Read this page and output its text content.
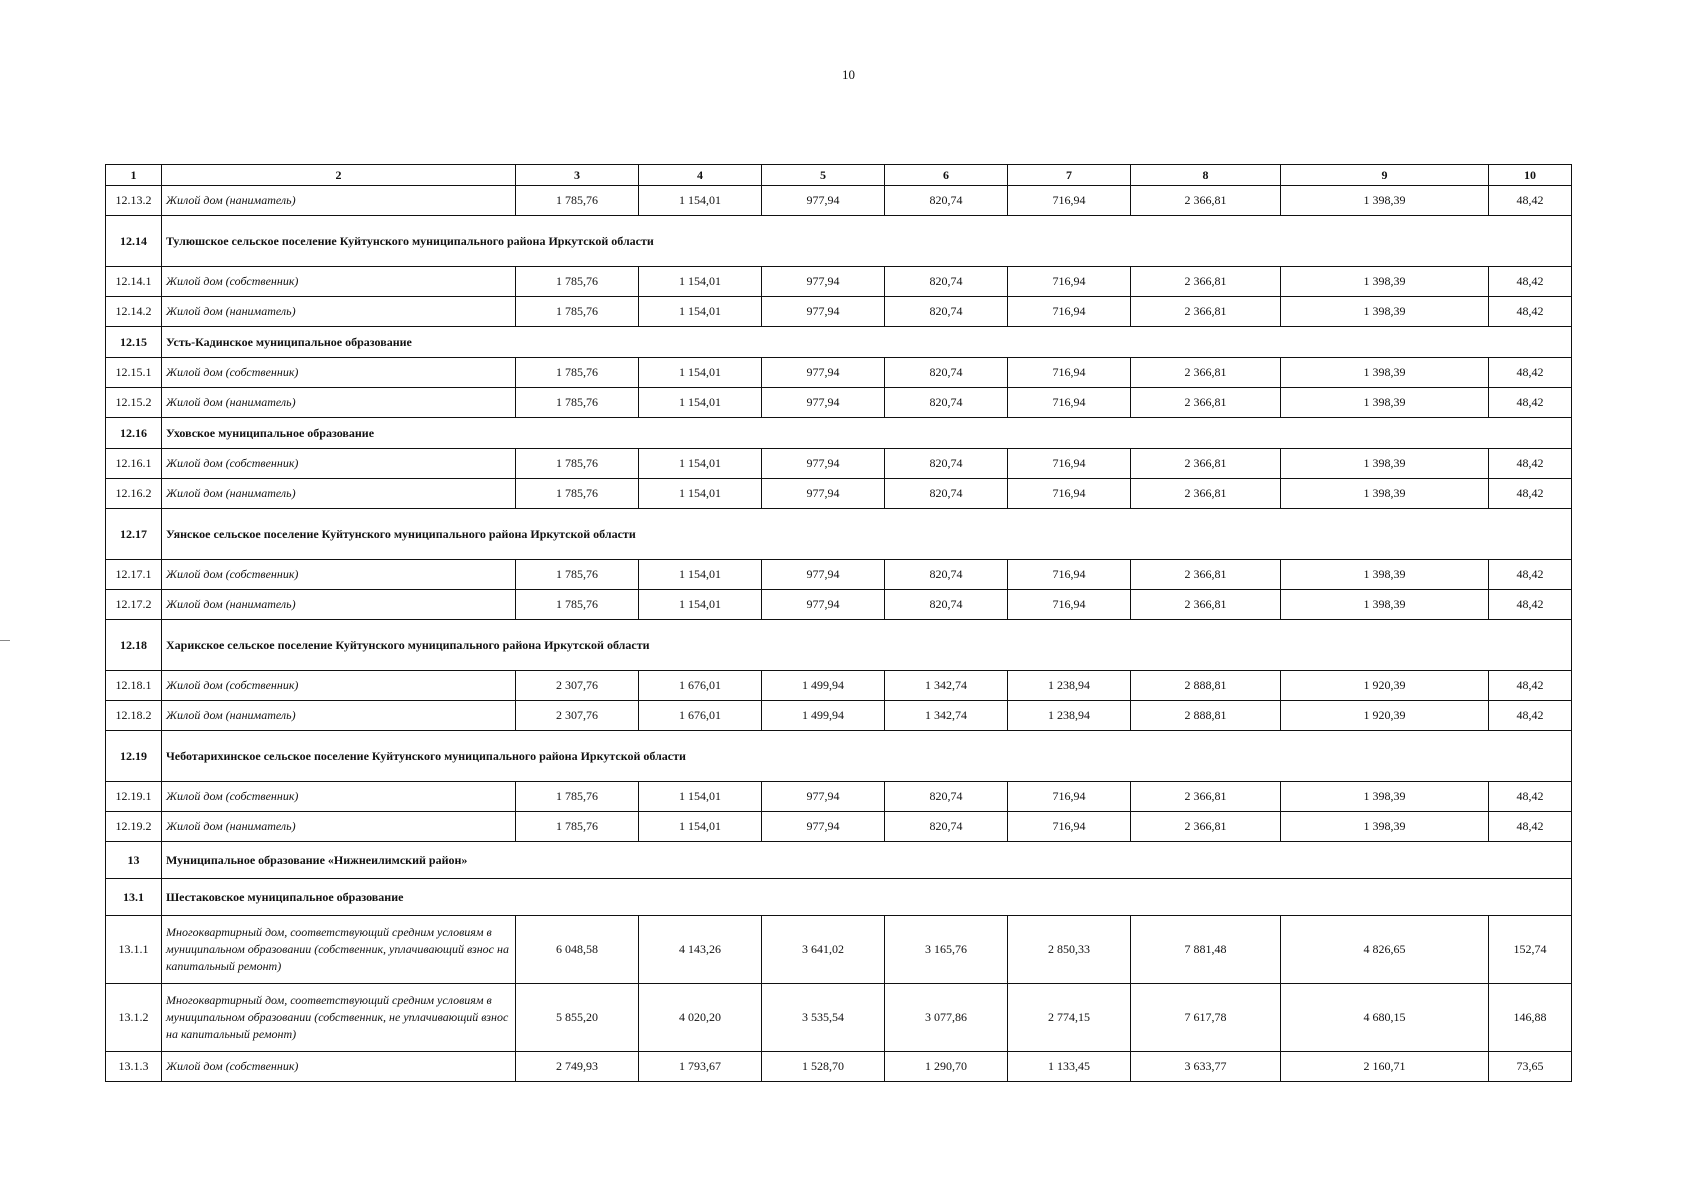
10
1	2	3	4	5	6	7	8	9	10
12.13.2	Жилой дом (наниматель)	1 785,76	1 154,01	977,94	820,74	716,94	2 366,81	1 398,39	48,42
12.14	Тулюшское сельское поселение Куйтунского муниципального района Иркутской области								
12.14.1	Жилой дом (собственник)	1 785,76	1 154,01	977,94	820,74	716,94	2 366,81	1 398,39	48,42
12.14.2	Жилой дом (наниматель)	1 785,76	1 154,01	977,94	820,74	716,94	2 366,81	1 398,39	48,42
12.15	Усть-Кадинское муниципальное образование								
12.15.1	Жилой дом (собственник)	1 785,76	1 154,01	977,94	820,74	716,94	2 366,81	1 398,39	48,42
12.15.2	Жилой дом (наниматель)	1 785,76	1 154,01	977,94	820,74	716,94	2 366,81	1 398,39	48,42
12.16	Уховское муниципальное образование								
12.16.1	Жилой дом (собственник)	1 785,76	1 154,01	977,94	820,74	716,94	2 366,81	1 398,39	48,42
12.16.2	Жилой дом (наниматель)	1 785,76	1 154,01	977,94	820,74	716,94	2 366,81	1 398,39	48,42
12.17	Уянское сельское поселение Куйтунского муниципального района Иркутской области								
12.17.1	Жилой дом (собственник)	1 785,76	1 154,01	977,94	820,74	716,94	2 366,81	1 398,39	48,42
12.17.2	Жилой дом (наниматель)	1 785,76	1 154,01	977,94	820,74	716,94	2 366,81	1 398,39	48,42
12.18	Харикское сельское поселение Куйтунского муниципального района Иркутской области								
12.18.1	Жилой дом (собственник)	2 307,76	1 676,01	1 499,94	1 342,74	1 238,94	2 888,81	1 920,39	48,42
12.18.2	Жилой дом (наниматель)	2 307,76	1 676,01	1 499,94	1 342,74	1 238,94	2 888,81	1 920,39	48,42
12.19	Чеботарихинское сельское поселение Куйтунского муниципального района Иркутской области								
12.19.1	Жилой дом (собственник)	1 785,76	1 154,01	977,94	820,74	716,94	2 366,81	1 398,39	48,42
12.19.2	Жилой дом (наниматель)	1 785,76	1 154,01	977,94	820,74	716,94	2 366,81	1 398,39	48,42
13	Муниципальное образование «Нижнеилимский район»								
13.1	Шестаковское муниципальное образование								
13.1.1	Многоквартирный дом, соответствующий средним условиям в муниципальном образовании (собственник, уплачивающий взнос на капитальный ремонт)	6 048,58	4 143,26	3 641,02	3 165,76	2 850,33	7 881,48	4 826,65	152,74
13.1.2	Многоквартирный дом, соответствующий средним условиям в муниципальном образовании (собственник, не уплачивающий взнос на капитальный ремонт)	5 855,20	4 020,20	3 535,54	3 077,86	2 774,15	7 617,78	4 680,15	146,88
13.1.3	Жилой дом (собственник)	2 749,93	1 793,67	1 528,70	1 290,70	1 133,45	3 633,77	2 160,71	73,65
